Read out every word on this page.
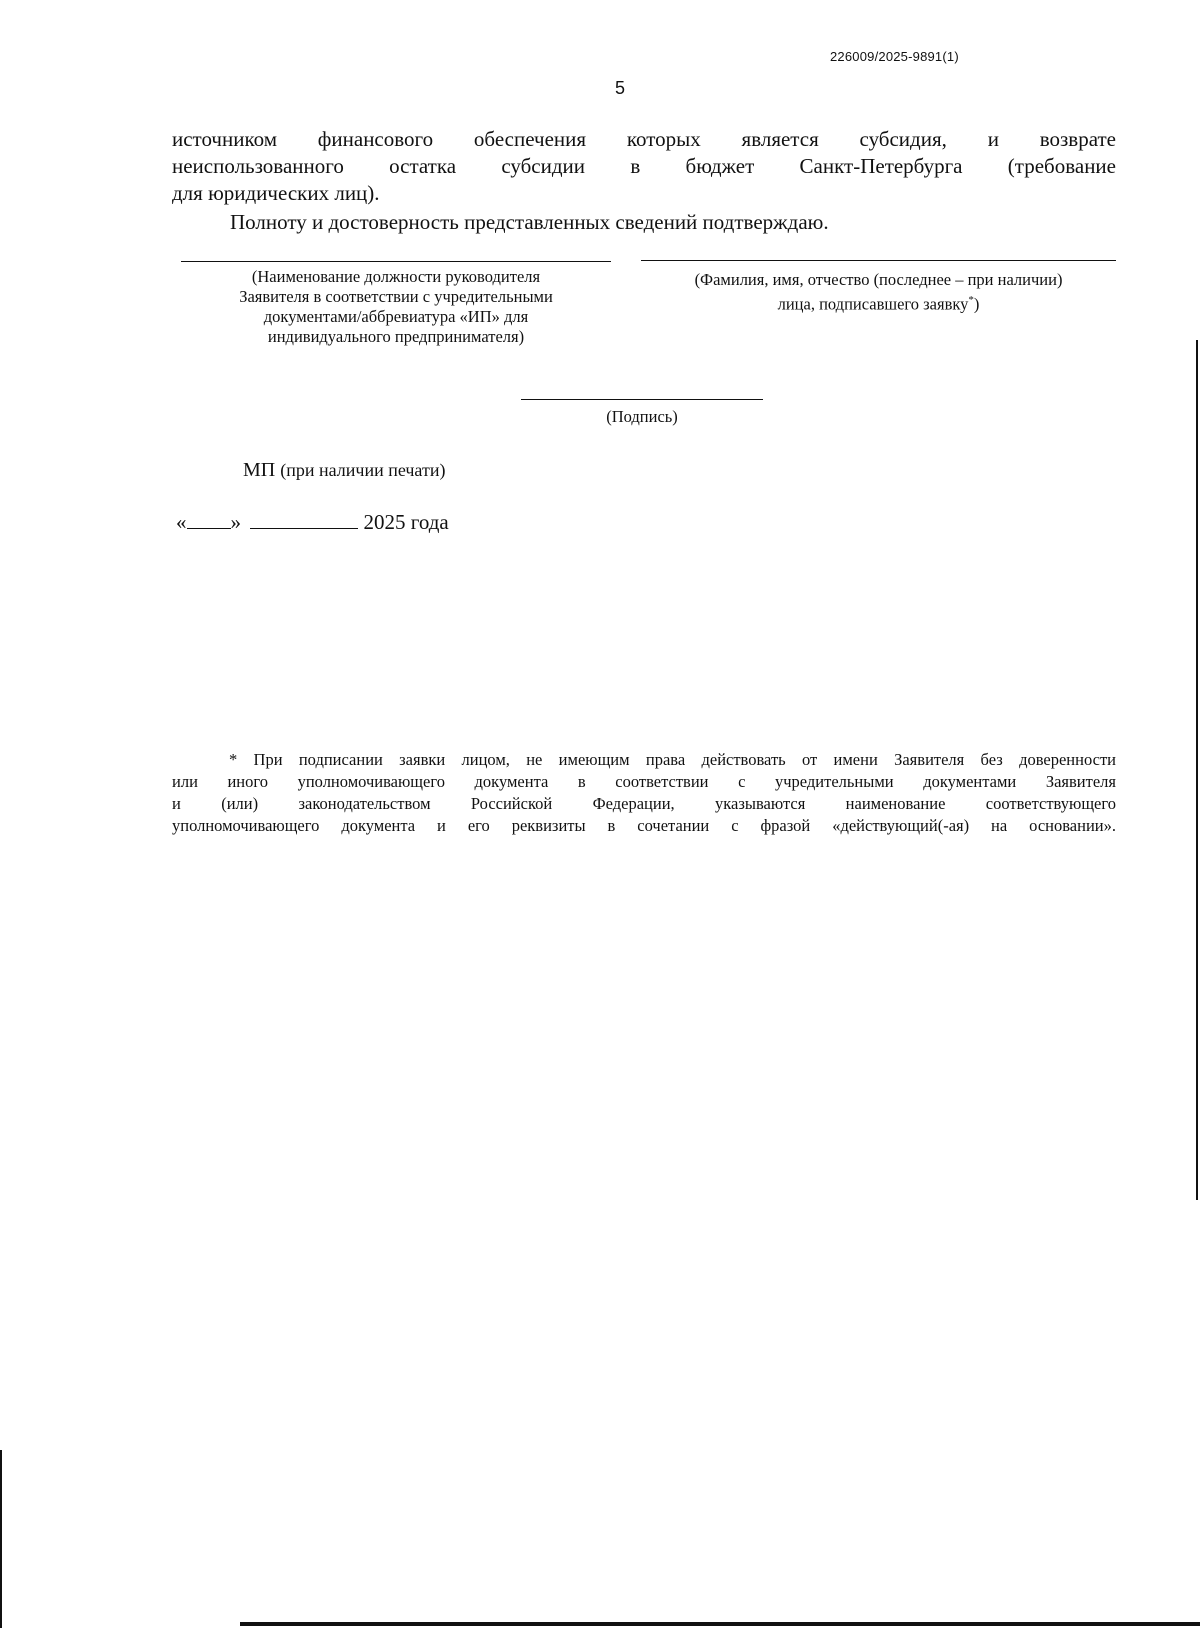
226009/2025-9891(1)
5
источником финансового обеспечения которых является субсидия, и возврате
неиспользованного остатка субсидии в бюджет Санкт-Петербурга (требование
для юридических лиц).
Полноту и достоверность представленных сведений подтверждаю.
(Наименование должности руководителя
Заявителя в соответствии с учредительными
документами/аббревиатура «ИП» для
индивидуального предпринимателя)
(Фамилия, имя, отчество (последнее – при наличии)
лица, подписавшего заявку*)
(Подпись)
МП (при наличии печати)
« »	2025 года
* При подписании заявки лицом, не имеющим права действовать от имени Заявителя без доверенности
или иного уполномочивающего документа в соответствии с учредительными документами Заявителя
и (или) законодательством Российской Федерации, указываются наименование соответствующего
уполномочивающего документа и его реквизиты в сочетании с фразой «действующий(-ая) на основании».
